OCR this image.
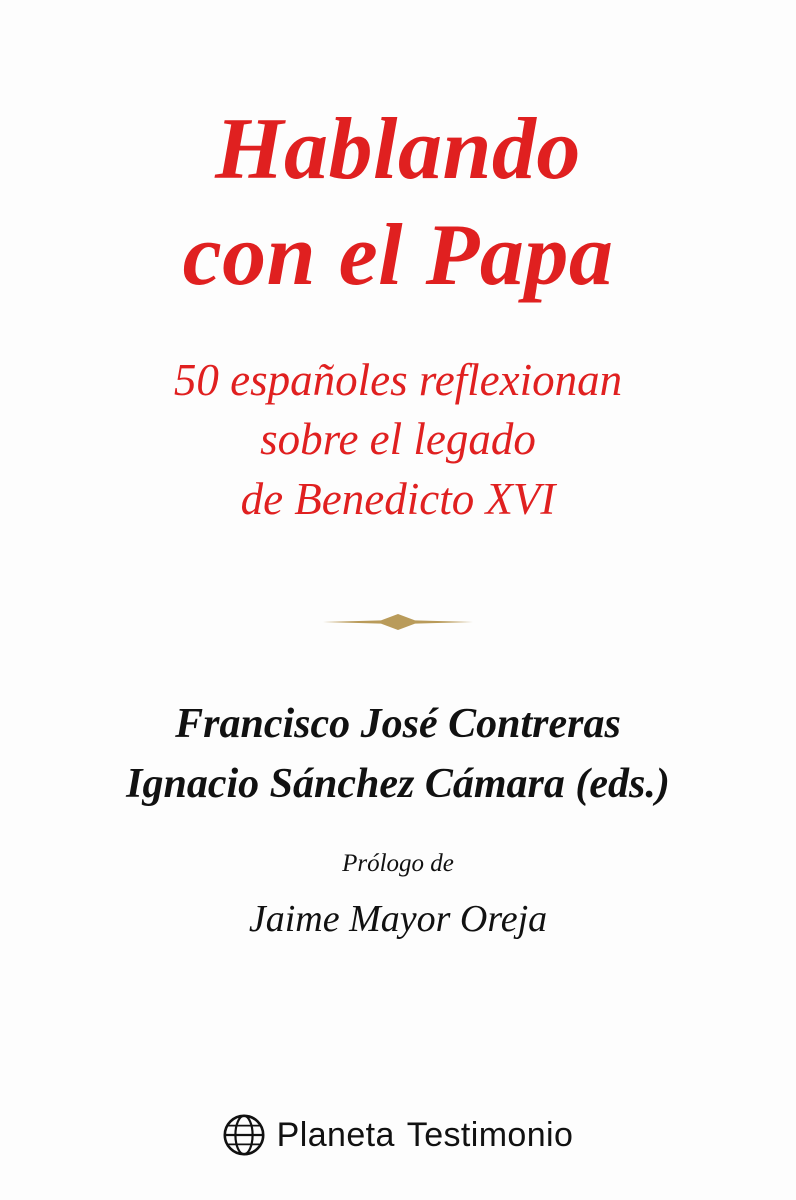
Hablando
con el Papa
50 españoles reflexionan
sobre el legado
de Benedicto XVI
Francisco José Contreras
Ignacio Sánchez Cámara (eds.)
Prólogo de
Jaime Mayor Oreja
Planeta Testimonio
